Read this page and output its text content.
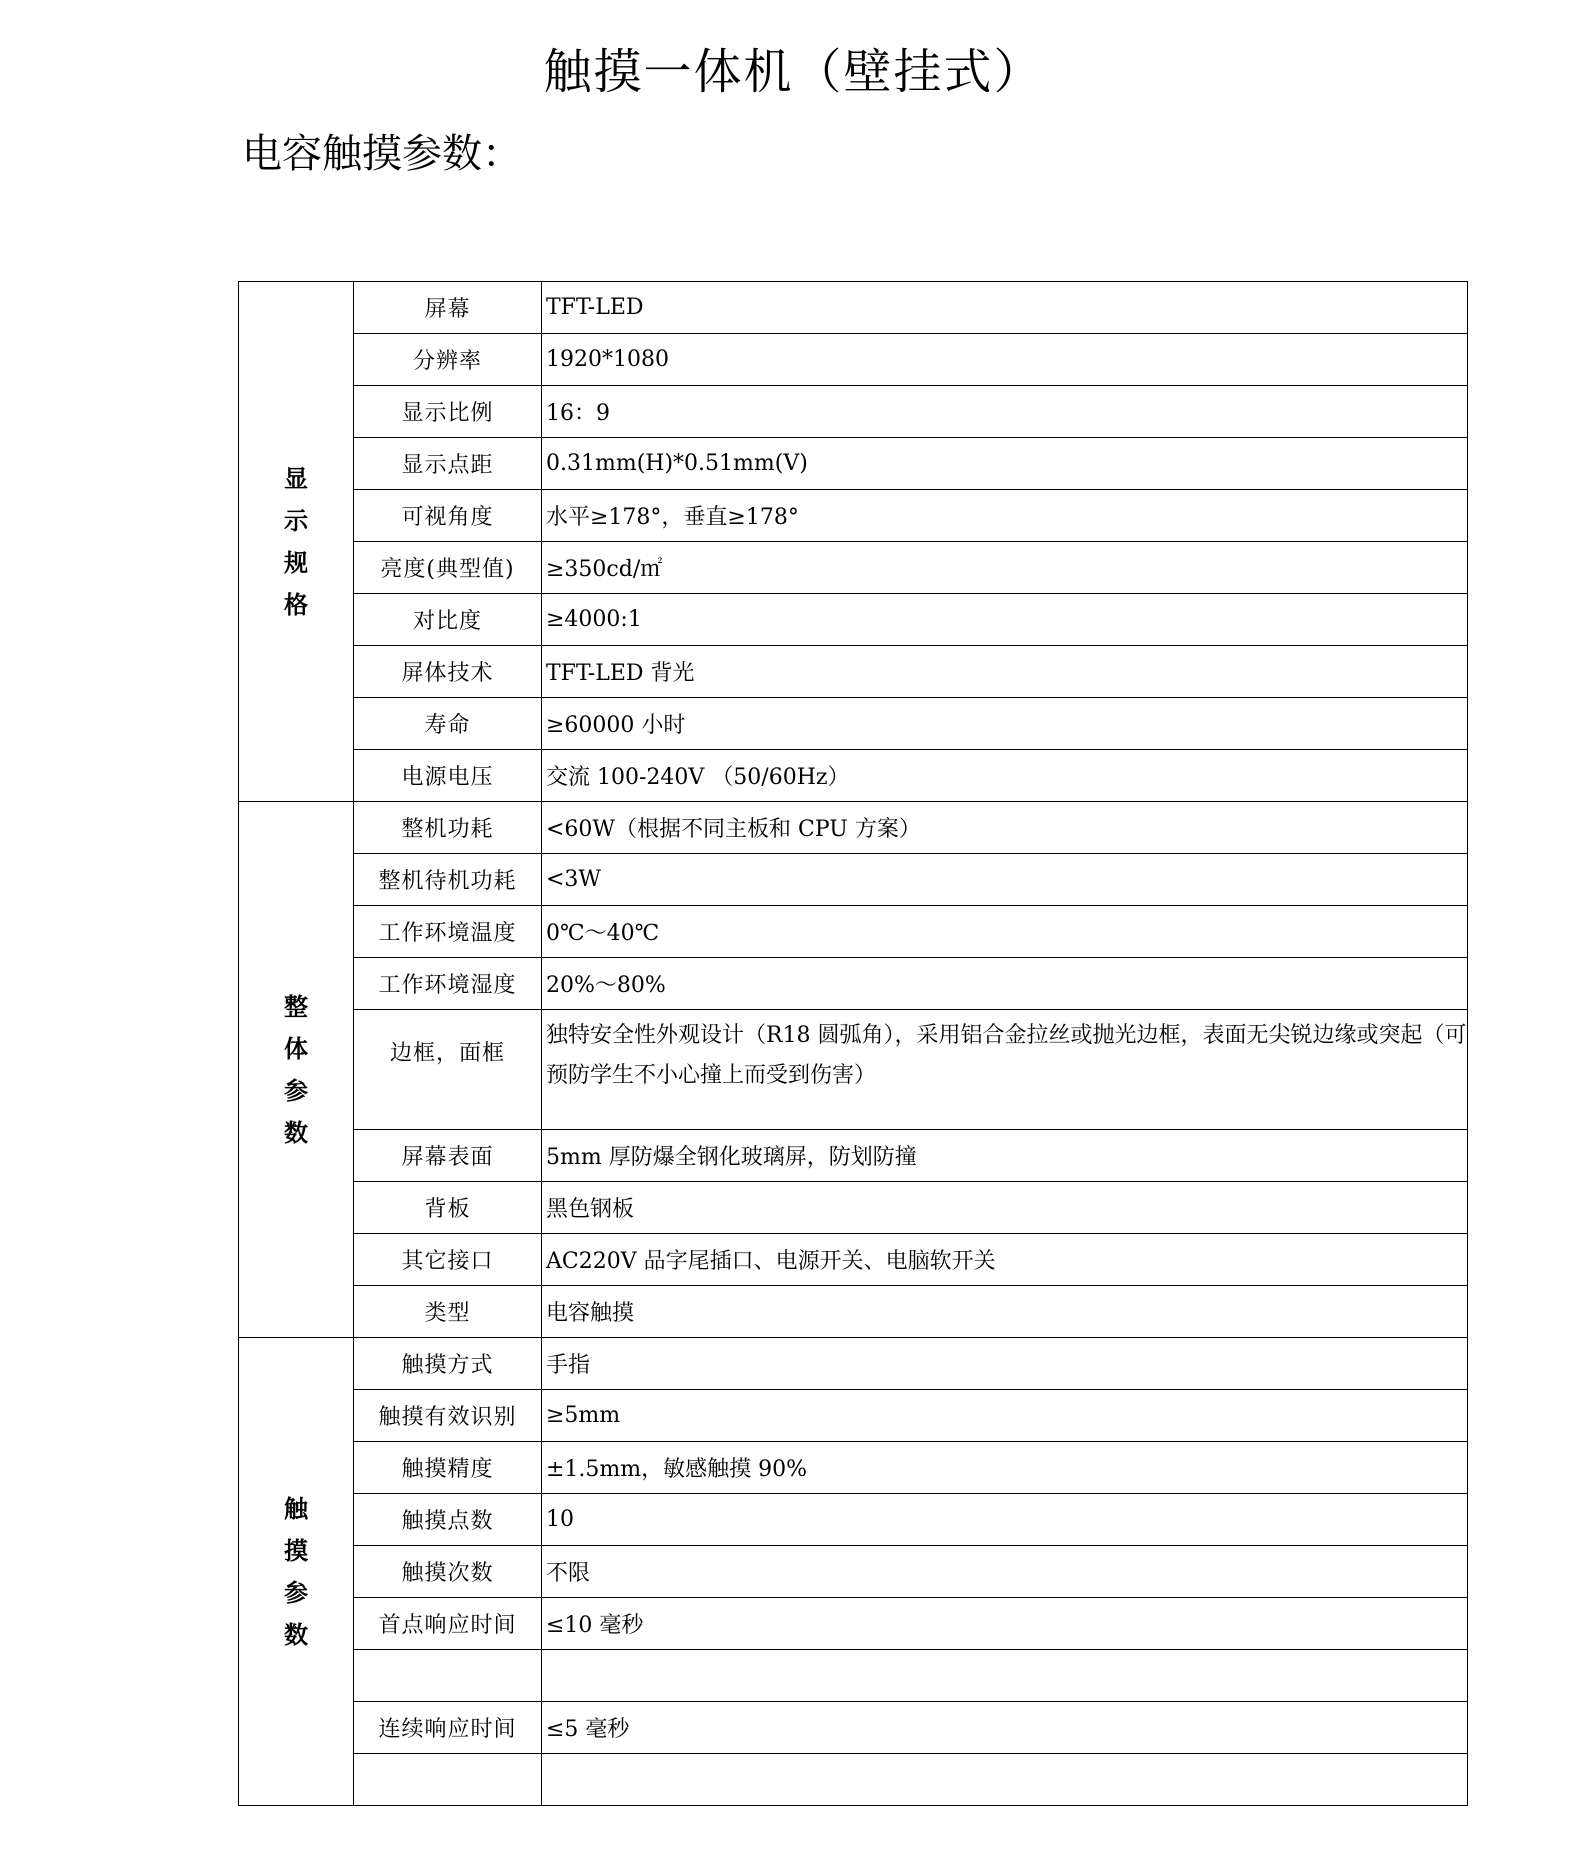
触摸一体机（壁挂式）
电容触摸参数：
显
示
规
格	屏幕	TFT-LED
	分辨率	1920*1080
	显示比例	16：9
	显示点距	0.31mm(H)*0.51mm(V)
	可视角度	水平≥178°，垂直≥178°
	亮度(典型值)	≥350cd/㎡
	对比度	≥4000:1
	屏体技术	TFT-LED 背光
	寿命	≥60000 小时
	电源电压	交流 100-240V （50/60Hz）

整
体
参
数	整机功耗	<60W（根据不同主板和 CPU 方案）
	整机待机功耗	<3W
	工作环境温度	0℃～40℃
	工作环境湿度	20%～80%
	边框，面框	独特安全性外观设计（R18 圆弧角），采用铝合金拉丝或抛光边框，表面无尖锐边缘或突起（可预防学生不小心撞上而受到伤害）
	屏幕表面	5mm 厚防爆全钢化玻璃屏，防划防撞
	背板	黑色钢板
	其它接口	AC220V 品字尾插口、电源开关、电脑软开关
	类型	电容触摸

触
摸
参
数	触摸方式	手指
	触摸有效识别	≥5mm
	触摸精度	±1.5mm，敏感触摸 90%
	触摸点数	10
	触摸次数	不限
	首点响应时间	≤10 毫秒

	连续响应时间	≤5 毫秒
